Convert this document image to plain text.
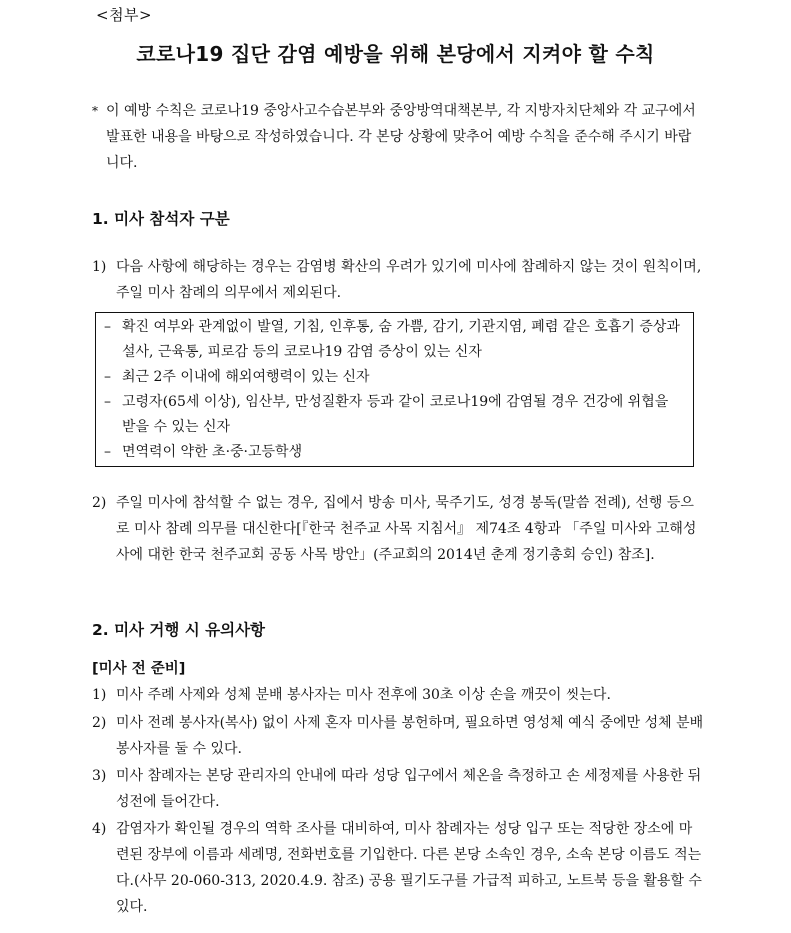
<첨부>
코로나19 집단 감염 예방을 위해 본당에서 지켜야 할 수칙
* 이 예방 수칙은 코로나19 중앙사고수습본부와 중앙방역대책본부, 각 지방자치단체와 각 교구에서 발표한 내용을 바탕으로 작성하였습니다. 각 본당 상황에 맞추어 예방 수칙을 준수해 주시기 바랍니다.
1. 미사 참석자 구분
1) 다음 사항에 해당하는 경우는 감염병 확산의 우려가 있기에 미사에 참례하지 않는 것이 원칙이며, 주일 미사 참례의 의무에서 제외된다.
– 확진 여부와 관계없이 발열, 기침, 인후통, 숨 가쁨, 감기, 기관지염, 폐렴 같은 호흡기 증상과 설사, 근육통, 피로감 등의 코로나19 감염 증상이 있는 신자
– 최근 2주 이내에 해외여행력이 있는 신자
– 고령자(65세 이상), 임산부, 만성질환자 등과 같이 코로나19에 감염될 경우 건강에 위협을 받을 수 있는 신자
– 면역력이 약한 초·중·고등학생
2) 주일 미사에 참석할 수 없는 경우, 집에서 방송 미사, 묵주기도, 성경 봉독(말씀 전례), 선행 등으로 미사 참례 의무를 대신한다[『한국 천주교 사목 지침서』 제74조 4항과 「주일 미사와 고해성사에 대한 한국 천주교회 공동 사목 방안」(주교회의 2014년 춘계 정기총회 승인) 참조].
2. 미사 거행 시 유의사항
[미사 전 준비]
1) 미사 주례 사제와 성체 분배 봉사자는 미사 전후에 30초 이상 손을 깨끗이 씻는다.
2) 미사 전례 봉사자(복사) 없이 사제 혼자 미사를 봉헌하며, 필요하면 영성체 예식 중에만 성체 분배 봉사자를 둘 수 있다.
3) 미사 참례자는 본당 관리자의 안내에 따라 성당 입구에서 체온을 측정하고 손 세정제를 사용한 뒤 성전에 들어간다.
4) 감염자가 확인될 경우의 역학 조사를 대비하여, 미사 참례자는 성당 입구 또는 적당한 장소에 마련된 장부에 이름과 세례명, 전화번호를 기입한다. 다른 본당 소속인 경우, 소속 본당 이름도 적는다.(사무 20-060-313, 2020.4.9. 참조) 공용 필기도구를 가급적 피하고, 노트북 등을 활용할 수 있다.
